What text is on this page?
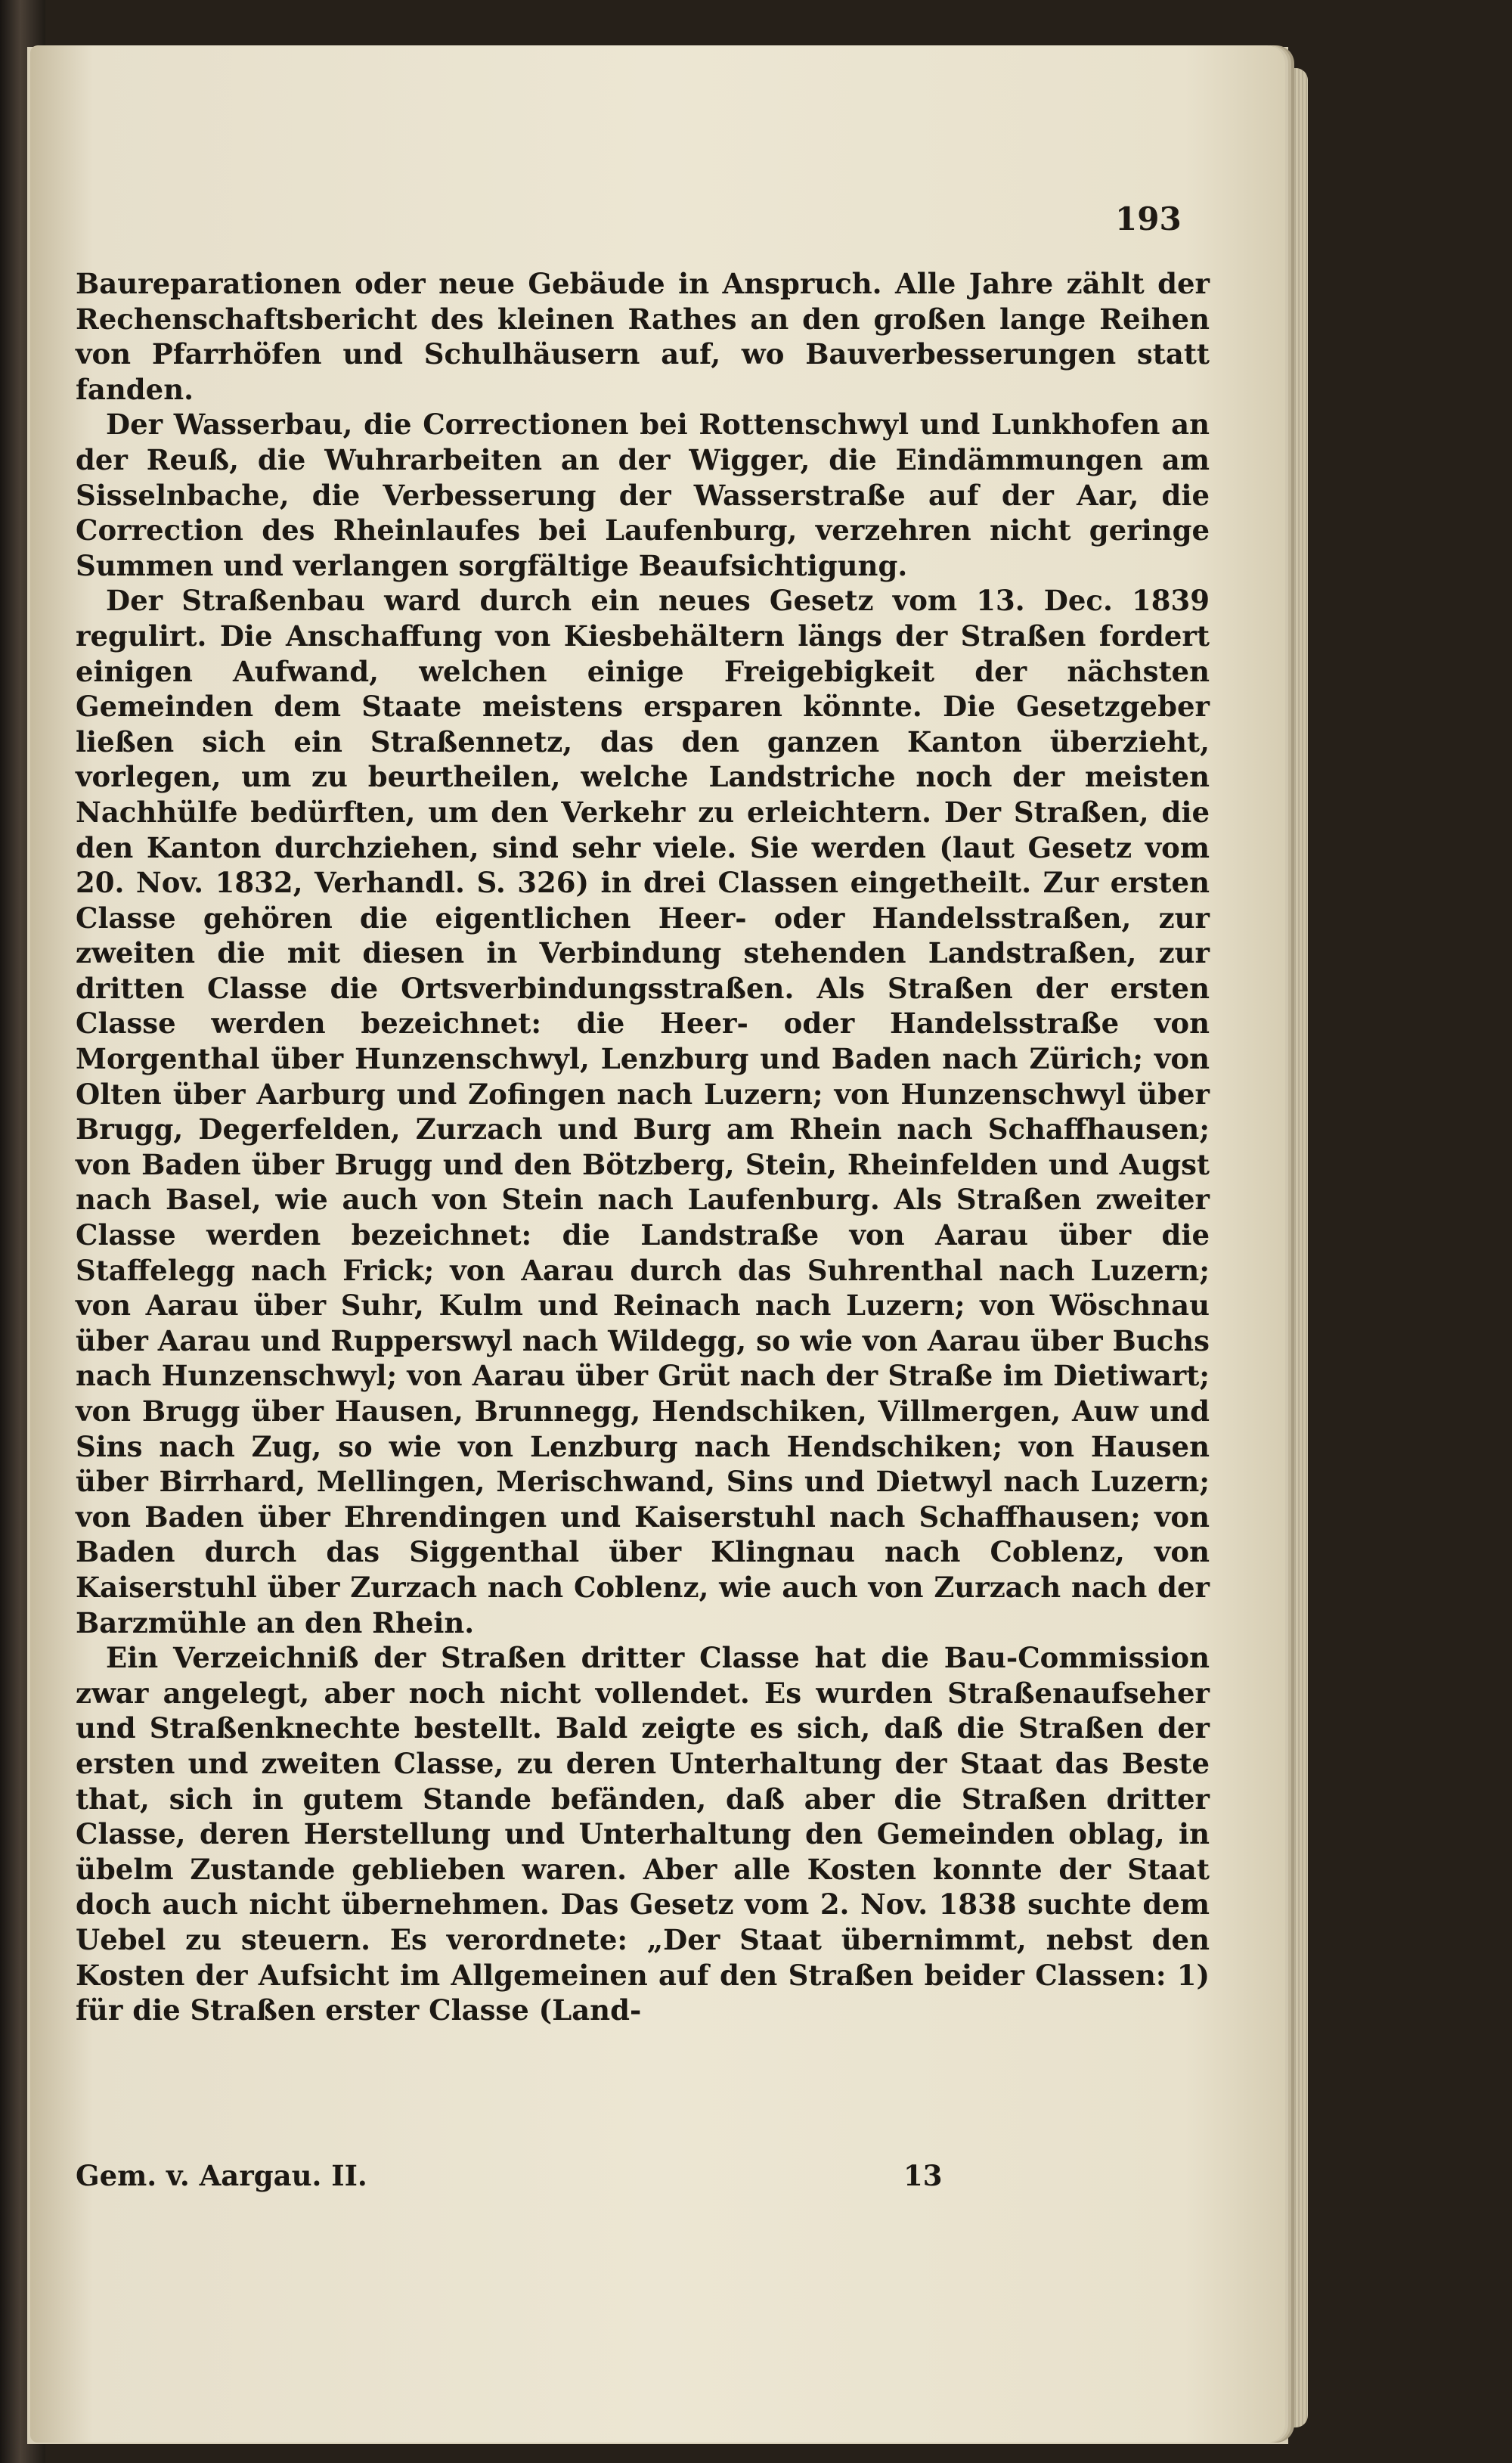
193

Baureparationen oder neue Gebäude in Anspruch. Alle Jahre zählt der Rechenschaftsbericht des kleinen Rathes an den großen lange Reihen von Pfarrhöfen und Schulhäusern auf, wo Bauverbesserungen statt fanden.

Der Wasserbau, die Correctionen bei Rottenschwyl und Lunkhofen an der Reuß, die Wuhrarbeiten an der Wigger, die Eindämmungen am Sisselnbache, die Verbesserung der Wasserstraße auf der Aar, die Correction des Rheinlaufes bei Laufenburg, verzehren nicht geringe Summen und verlangen sorgfältige Beaufsichtigung.

Der Straßenbau ward durch ein neues Gesetz vom 13. Dec. 1839 regulirt. Die Anschaffung von Kiesbehältern längs der Straßen fordert einigen Aufwand, welchen einige Freigebigkeit der nächsten Gemeinden dem Staate meistens ersparen könnte. Die Gesetzgeber ließen sich ein Straßennetz, das den ganzen Kanton überzieht, vorlegen, um zu beurtheilen, welche Landstriche noch der meisten Nachhülfe bedürften, um den Verkehr zu erleichtern. Der Straßen, die den Kanton durchziehen, sind sehr viele. Sie werden (laut Gesetz vom 20. Nov. 1832, Verhandl. S. 326) in drei Classen eingetheilt. Zur ersten Classe gehören die eigentlichen Heer- oder Handelsstraßen, zur zweiten die mit diesen in Verbindung stehenden Landstraßen, zur dritten Classe die Ortsverbindungsstraßen. Als Straßen der ersten Classe werden bezeichnet: die Heer- oder Handelsstraße von Morgenthal über Hunzenschwyl, Lenzburg und Baden nach Zürich; von Olten über Aarburg und Zofingen nach Luzern; von Hunzenschwyl über Brugg, Degerfelden, Zurzach und Burg am Rhein nach Schaffhausen; von Baden über Brugg und den Bötzberg, Stein, Rheinfelden und Augst nach Basel, wie auch von Stein nach Laufenburg. Als Straßen zweiter Classe werden bezeichnet: die Landstraße von Aarau über die Staffelegg nach Frick; von Aarau durch das Suhrenthal nach Luzern; von Aarau über Suhr, Kulm und Reinach nach Luzern; von Wöschnau über Aarau und Rupperswyl nach Wildegg, so wie von Aarau über Buchs nach Hunzenschwyl; von Aarau über Grüt nach der Straße im Dietiwart; von Brugg über Hausen, Brunnegg, Hendschiken, Villmergen, Auw und Sins nach Zug, so wie von Lenzburg nach Hendschiken; von Hausen über Birrhard, Mellingen, Merischwand, Sins und Dietwyl nach Luzern; von Baden über Ehrendingen und Kaiserstuhl nach Schaffhausen; von Baden durch das Siggenthal über Klingnau nach Coblenz, von Kaiserstuhl über Zurzach nach Coblenz, wie auch von Zurzach nach der Barzmühle an den Rhein.

Ein Verzeichniß der Straßen dritter Classe hat die Bau-Commission zwar angelegt, aber noch nicht vollendet. Es wurden Straßenaufseher und Straßenknechte bestellt. Bald zeigte es sich, daß die Straßen der ersten und zweiten Classe, zu deren Unterhaltung der Staat das Beste that, sich in gutem Stande befänden, daß aber die Straßen dritter Classe, deren Herstellung und Unterhaltung den Gemeinden oblag, in übelm Zustande geblieben waren. Aber alle Kosten konnte der Staat doch auch nicht übernehmen. Das Gesetz vom 2. Nov. 1838 suchte dem Uebel zu steuern. Es verordnete: „Der Staat übernimmt, nebst den Kosten der Aufsicht im Allgemeinen auf den Straßen beider Classen: 1) für die Straßen erster Classe (Land-

Gem. v. Aargau. II.	13
